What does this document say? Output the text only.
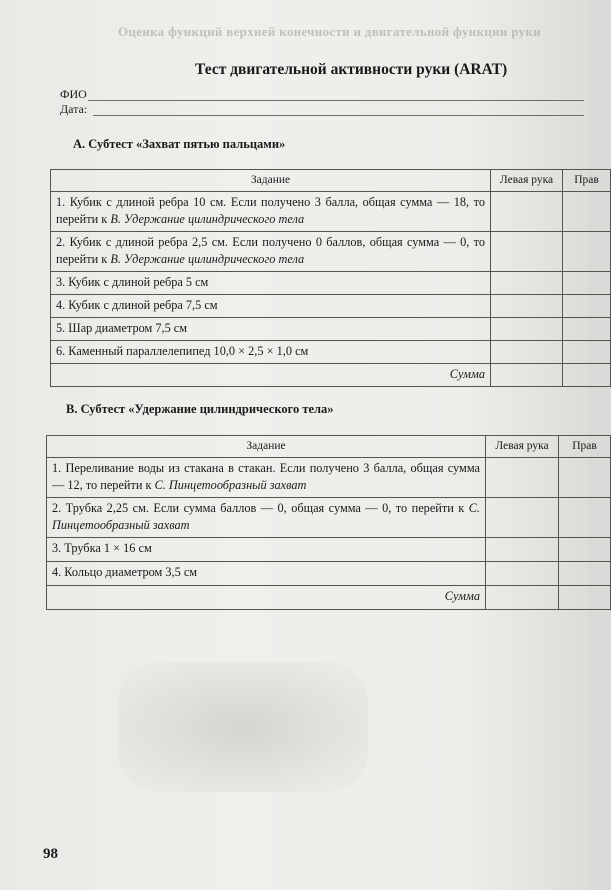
Оценка функций верхней конечности и двигательной функции руки
Тест двигательной активности руки (ARAT)
ФИО
Дата:
А. Субтест «Захват пятью пальцами»
Задание	Левая рука	Прав
1. Кубик с длиной ребра 10 см. Если получено 3 балла, общая сумма — 18, то перейти к В. Удержание цилиндрического тела		
2. Кубик с длиной ребра 2,5 см. Если получено 0 баллов, общая сумма — 0, то перейти к В. Удержание цилиндрического тела		
3. Кубик с длиной ребра 5 см		
4. Кубик с длиной ребра 7,5 см		
5. Шар диаметром 7,5 см		
6. Каменный параллелепипед 10,0 × 2,5 × 1,0 см		
Сумма		
В. Субтест «Удержание цилиндрического тела»
Задание	Левая рука	Прав
1. Переливание воды из стакана в стакан. Если получено 3 балла, общая сумма — 12, то перейти к С. Пинцетообразный захват		
2. Трубка 2,25 см. Если сумма баллов — 0, общая сумма — 0, то перейти к С. Пинцетообразный захват		
3. Трубка 1 × 16 см		
4. Кольцо диаметром 3,5 см		
Сумма		
98
